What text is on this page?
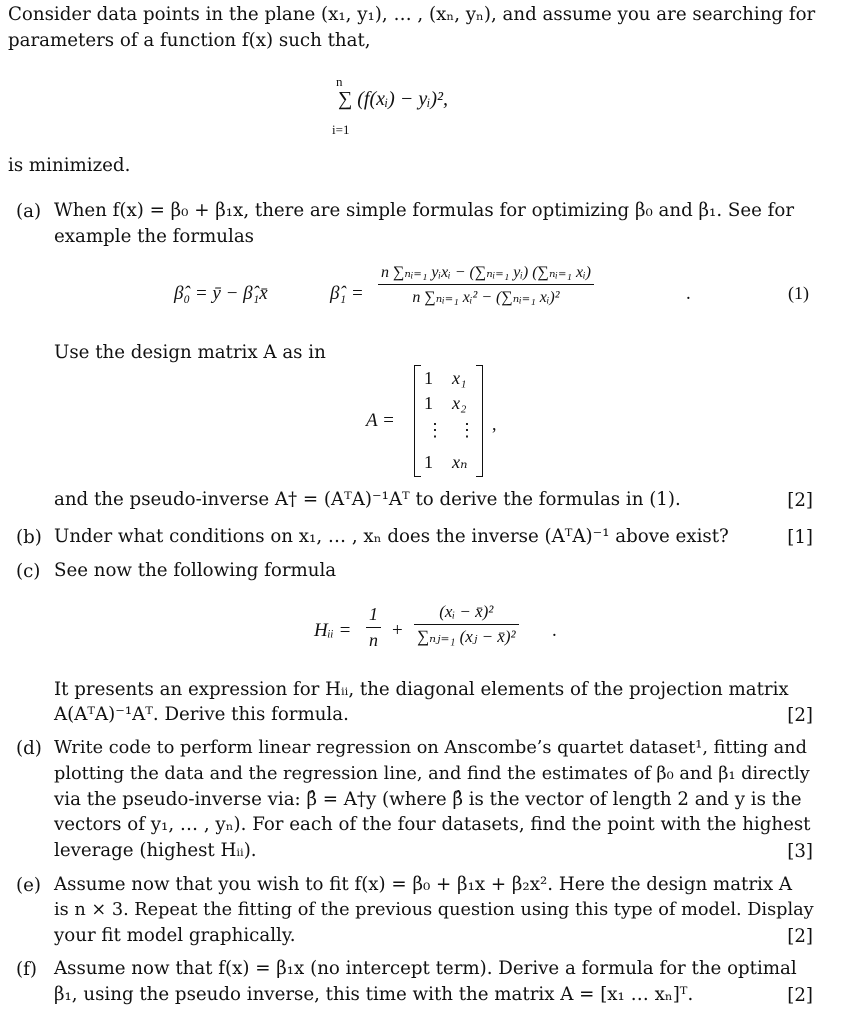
Consider data points in the plane (x₁, y₁), … , (xₙ, yₙ), and assume you are searching for
parameters of a function f(x) such that,
n
∑ (f(xᵢ) − yᵢ)²,
i=1
is minimized.
(a) When f(x) = β₀ + β₁x, there are simple formulas for optimizing β₀ and β₁. See for
example the formulas
β̂₀ = ȳ − β̂₁x̄	β̂₁ = $\frac{\text{n ∑ₙᵢ₌₁ yᵢxᵢ − (∑ₙᵢ₌₁ yᵢ) (∑ₙᵢ₌₁ xᵢ)}}{\text{n ∑ₙᵢ₌₁ xᵢ² − (∑ₙᵢ₌₁ xᵢ)²}}$	.	(1)
Use the design matrix A as in
A =
1 x₁
1 x₂
⋮ ⋮
1 xₙ
,
and the pseudo-inverse A† = (AᵀA)⁻¹Aᵀ to derive the formulas in (1).	[2]
(b) Under what conditions on x₁, … , xₙ does the inverse (AᵀA)⁻¹ above exist?	[1]
(c) See now the following formula
Hᵢᵢ = $\frac{1}{n} + \frac{\text{(xᵢ − x̄)²}}{\text{∑ₙⱼ₌₁ (xⱼ − x̄)²}}$ .
It presents an expression for Hᵢᵢ, the diagonal elements of the projection matrix
A(AᵀA)⁻¹Aᵀ. Derive this formula.	[2]
(d) Write code to perform linear regression on Anscombe’s quartet dataset¹, fitting and
plotting the data and the regression line, and find the estimates of β₀ and β₁ directly
via the pseudo-inverse via: β̂ = A†y (where β̂ is the vector of length 2 and y is the
vectors of y₁, … , yₙ). For each of the four datasets, find the point with the highest
leverage (highest Hᵢᵢ).	[3]
(e) Assume now that you wish to fit f(x) = β₀ + β₁x + β₂x². Here the design matrix A
is n × 3. Repeat the fitting of the previous question using this type of model. Display
your fit model graphically.	[2]
(f) Assume now that f(x) = β₁x (no intercept term). Derive a formula for the optimal
β₁, using the pseudo inverse, this time with the matrix A = [x₁ … xₙ]ᵀ.	[2]
